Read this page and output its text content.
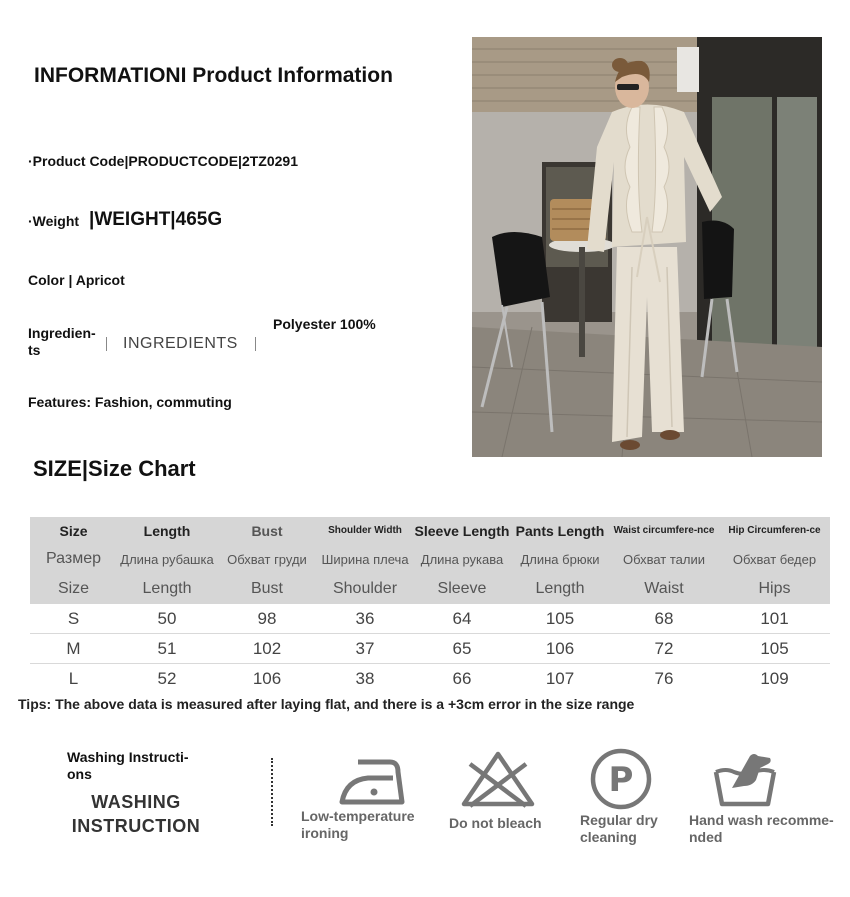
INFORMATIONI Product Information
·Product Code|PRODUCTCODE|2TZ0291
·Weight |WEIGHT|465G
Color | Apricot
Ingredien-
ts	INGREDIENTS
Polyester 100%
Features: Fashion, commuting
SIZE|Size Chart
Size	Length	Bust	Shoulder Width	Sleeve Length	Pants Length	Waist circumfere-nce	Hip Circumferen-ce
Размер	Длина рубашка	Обхват груди	Ширина плеча	Длина рукава	Длина брюки	Обхват талии	Обхват бедер
Size	Length	Bust	Shoulder	Sleeve	Length	Waist	Hips
S	50	98	36	64	105	68	101
M	51	102	37	65	106	72	105
L	52	106	38	66	107	76	109
Tips: The above data is measured after laying flat, and there is a +3cm error in the size range
Washing Instructi-ons
WASHING
INSTRUCTION	Low-temperature ironing
Do not bleach
P
Regular dry cleaning
Hand wash recomme-nded
